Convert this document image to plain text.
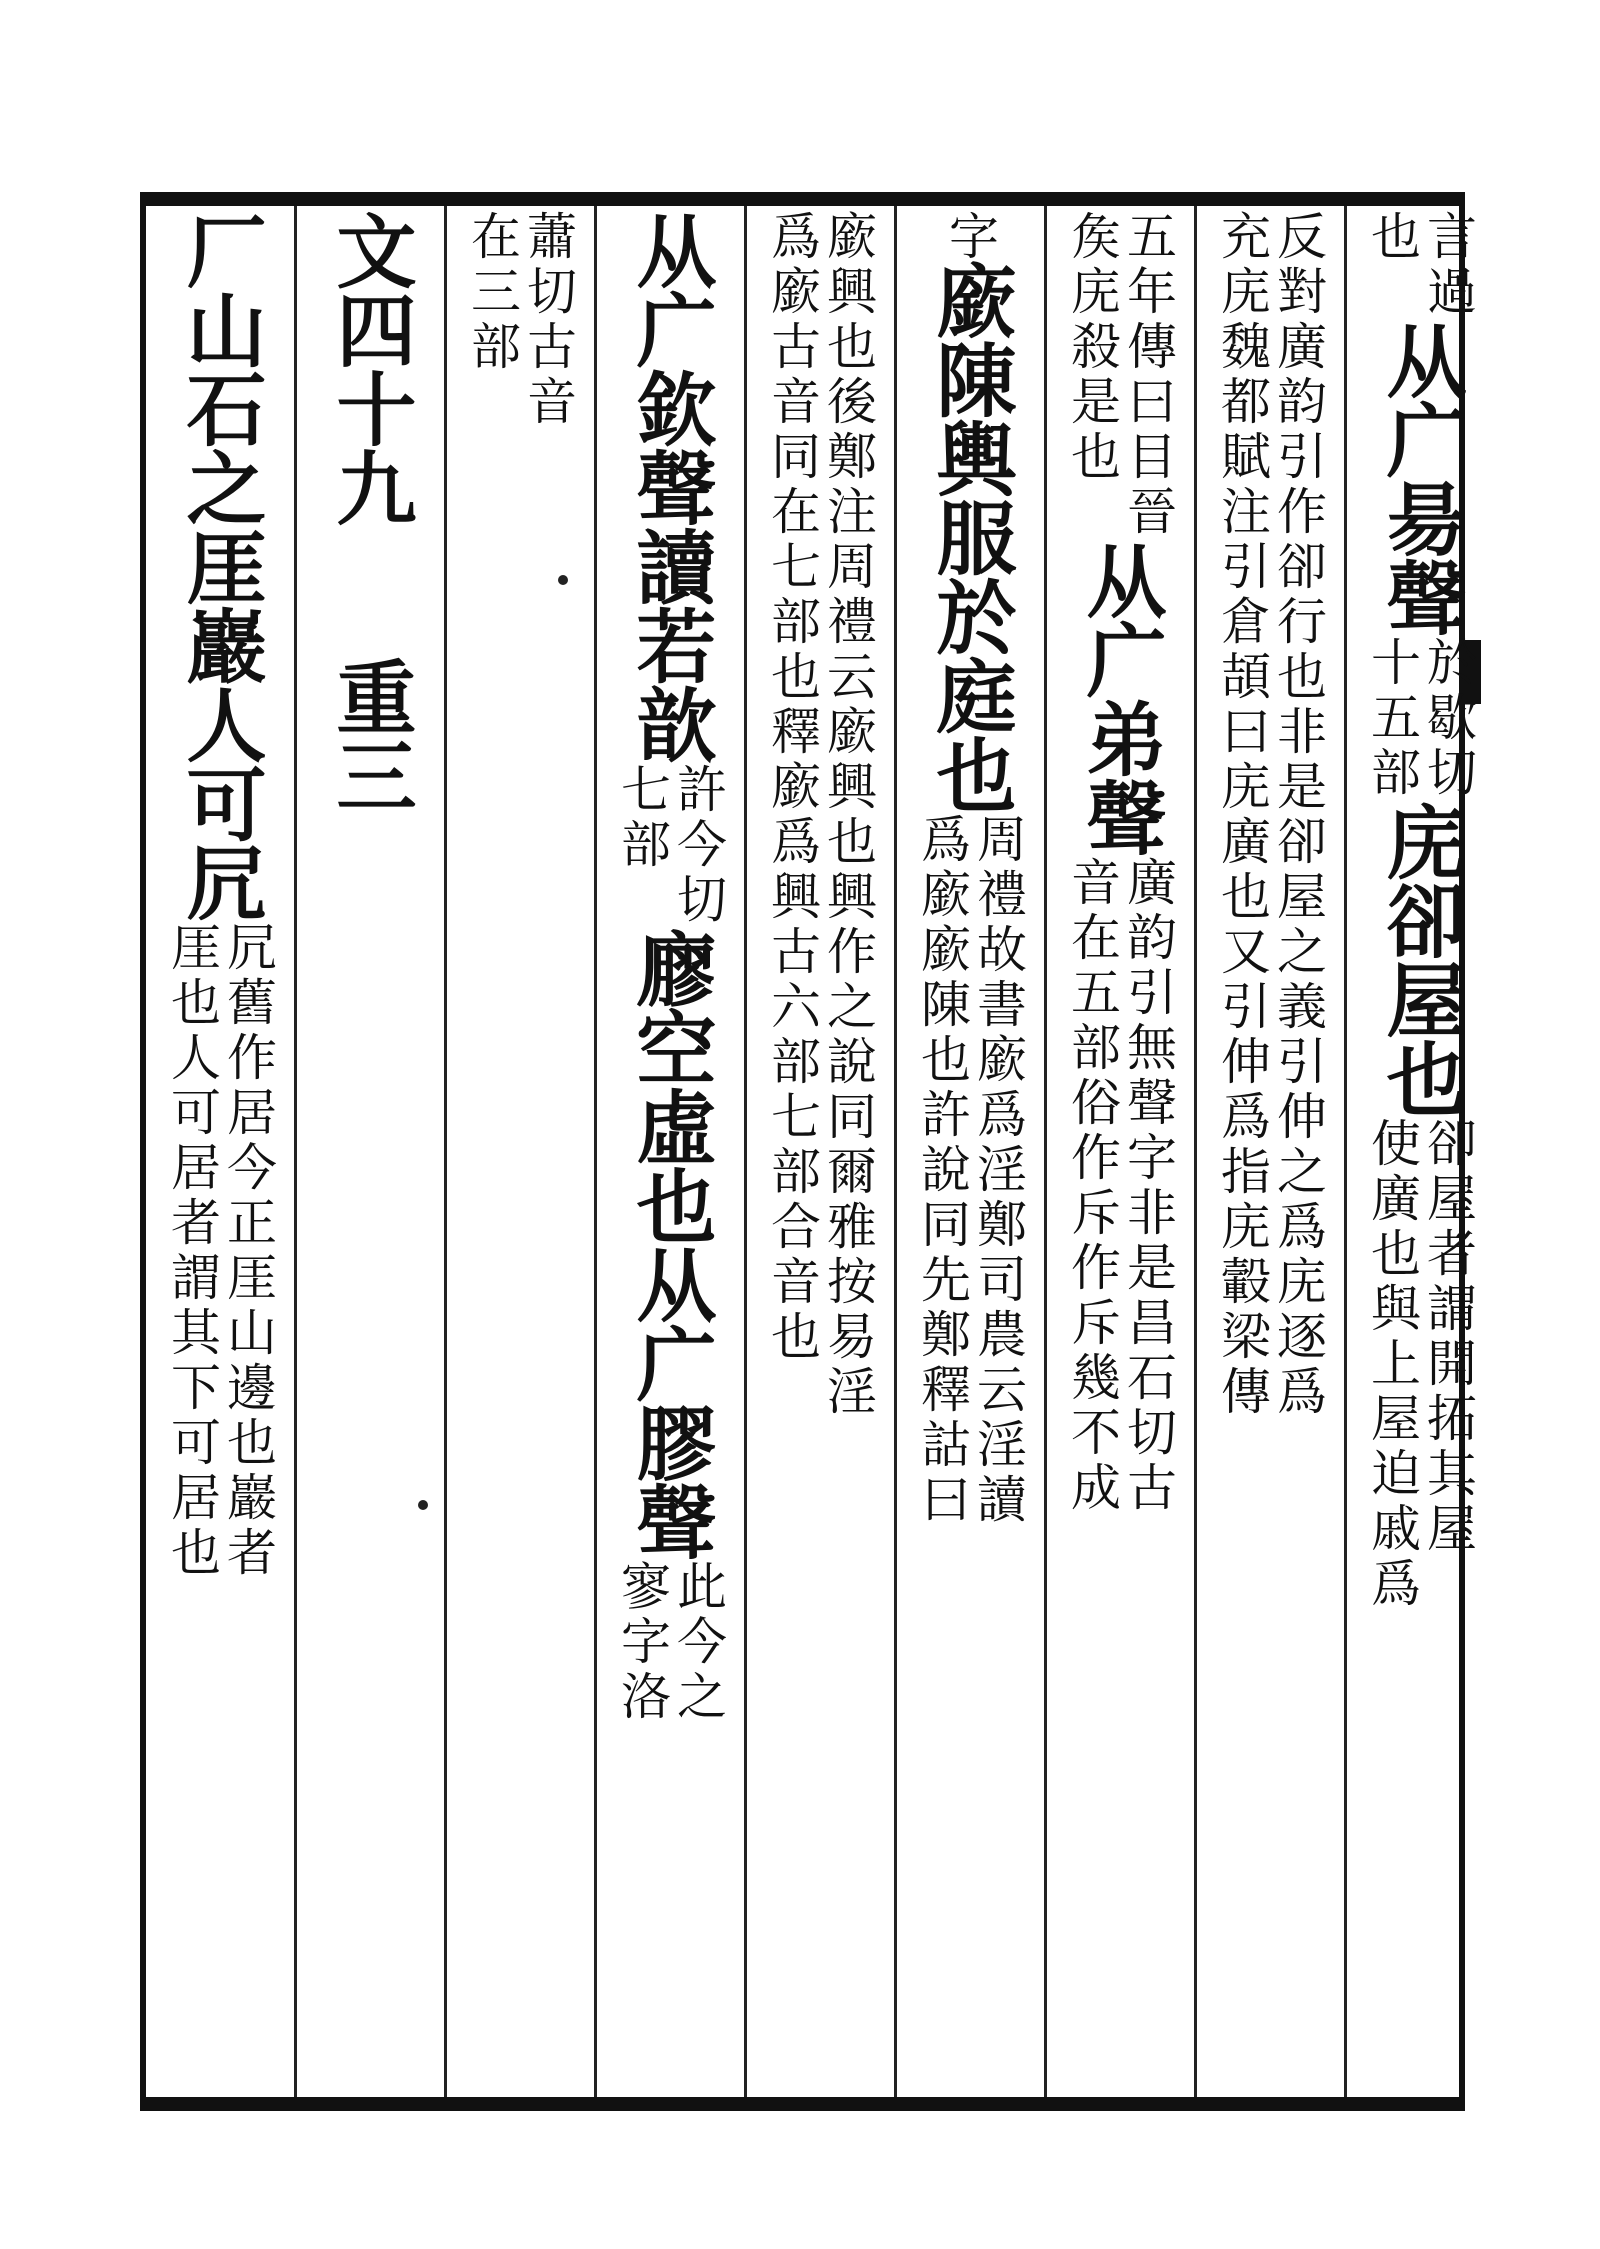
言過
也
从广昜聲
於歇切
十五部
庑卻屋也
卻屋者謂開拓其屋
使廣也與上屋迫戚爲
反對廣韵引作卻行也非是卻屋之義引伸之爲庑逐爲
充庑魏都賦注引倉頡曰庑廣也又引伸爲指庑轂梁傳
五年傳曰目晉
矦庑殺是也
从广弟聲
廣韵引無聲字非是昌石切古
音在五部俗作斥作斥幾不成
字
廞陳輿服於庭也
周禮故書廞爲淫鄭司農云淫讀
爲廞廞陳也許說同先鄭釋詁曰
廞興也後鄭注周禮云廞興也興作之說同爾雅按易淫
爲廞古音同在七部也釋廞爲興古六部七部合音也
从广欽聲讀若歆
許今切
七部
廫空虛也从广膠聲
此今之
寥字洛
蕭切古音
在三部
文四十九
重三
厂山石之厓巖人可凥
凥舊作居今正厓山邊也巖者
厓也人可居者謂其下可居也
